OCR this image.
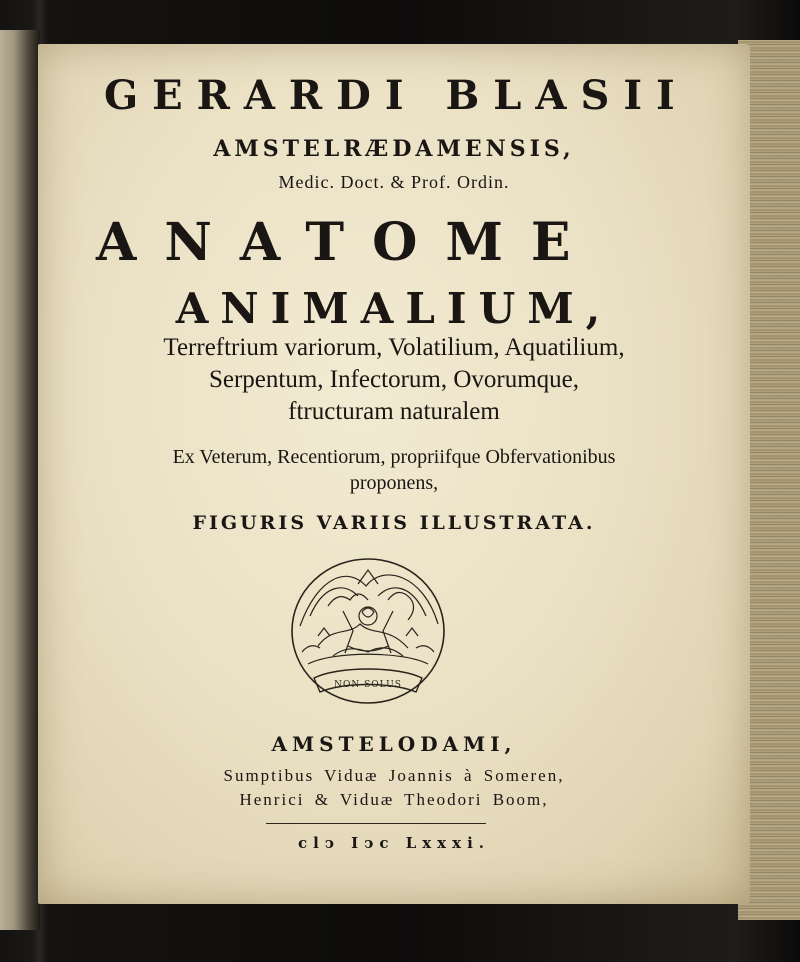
GERARDI BLASII
AMSTELRÆDAMENSIS,
Medic. Doct. & Prof. Ordin.
ANATOME
ANIMALIUM,
Terreftrium variorum, Volatilium, Aquatilium,
Serpentum, Infectorum, Ovorumque,
ftructuram naturalem
Ex Veterum, Recentiorum, propriifque Obfervationibus
proponens,
FIGURIS VARIIS ILLUSTRATA.
NON SOLUS
AMSTELODAMI,
Sumptibus Viduæ Joannis à Someren,
Henrici & Viduæ Theodori Boom,
clↄ Iↄc Lxxxi.
